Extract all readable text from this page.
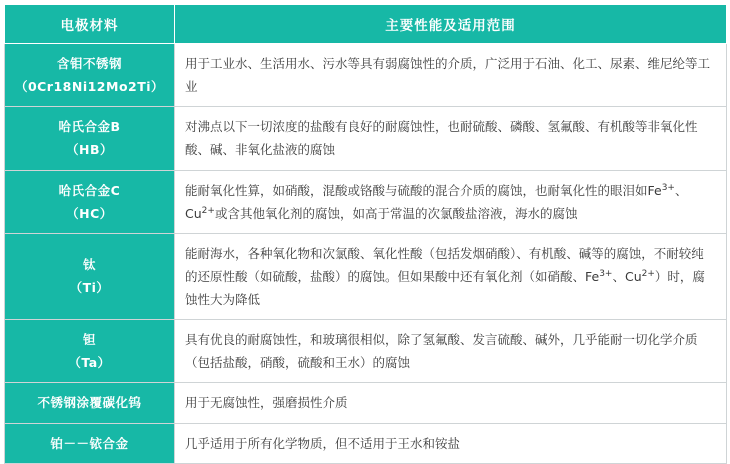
电极材料	主要性能及适用范围

含钼不锈钢
（0Cr18Ni12Mo2Ti）	用于工业水、生活用水、污水等具有弱腐蚀性的介质，广泛用于石油、化工、尿素、维尼纶等工业

哈氏合金B
（HB）	对沸点以下一切浓度的盐酸有良好的耐腐蚀性，也耐硫酸、磷酸、氢氟酸、有机酸等非氧化性酸、碱、非氧化盐液的腐蚀

哈氏合金C
（HC）	能耐氧化性算，如硝酸，混酸或铬酸与硫酸的混合介质的腐蚀，也耐氧化性的眼泪如$Fe^{3+}$、$Cu^{2+}$或含其他氧化剂的腐蚀，如高于常温的次氯酸盐溶液，海水的腐蚀

钛
（Ti）	能耐海水，各种氧化物和次氯酸、氧化性酸（包括发烟硝酸）、有机酸、碱等的腐蚀，不耐较纯的还原性酸（如硫酸，盐酸）的腐蚀。但如果酸中还有氧化剂（如硝酸、$Fe^{3+}$、$Cu^{2+}$）时，腐蚀性大为降低

钽
（Ta）	具有优良的耐腐蚀性，和玻璃很相似，除了氢氟酸、发言硫酸、碱外，几乎能耐一切化学介质（包括盐酸，硝酸，硫酸和王水）的腐蚀

不锈钢涂覆碳化钨	用于无腐蚀性，强磨损性介质

铂－－铱合金	几乎适用于所有化学物质，但不适用于王水和铵盐
